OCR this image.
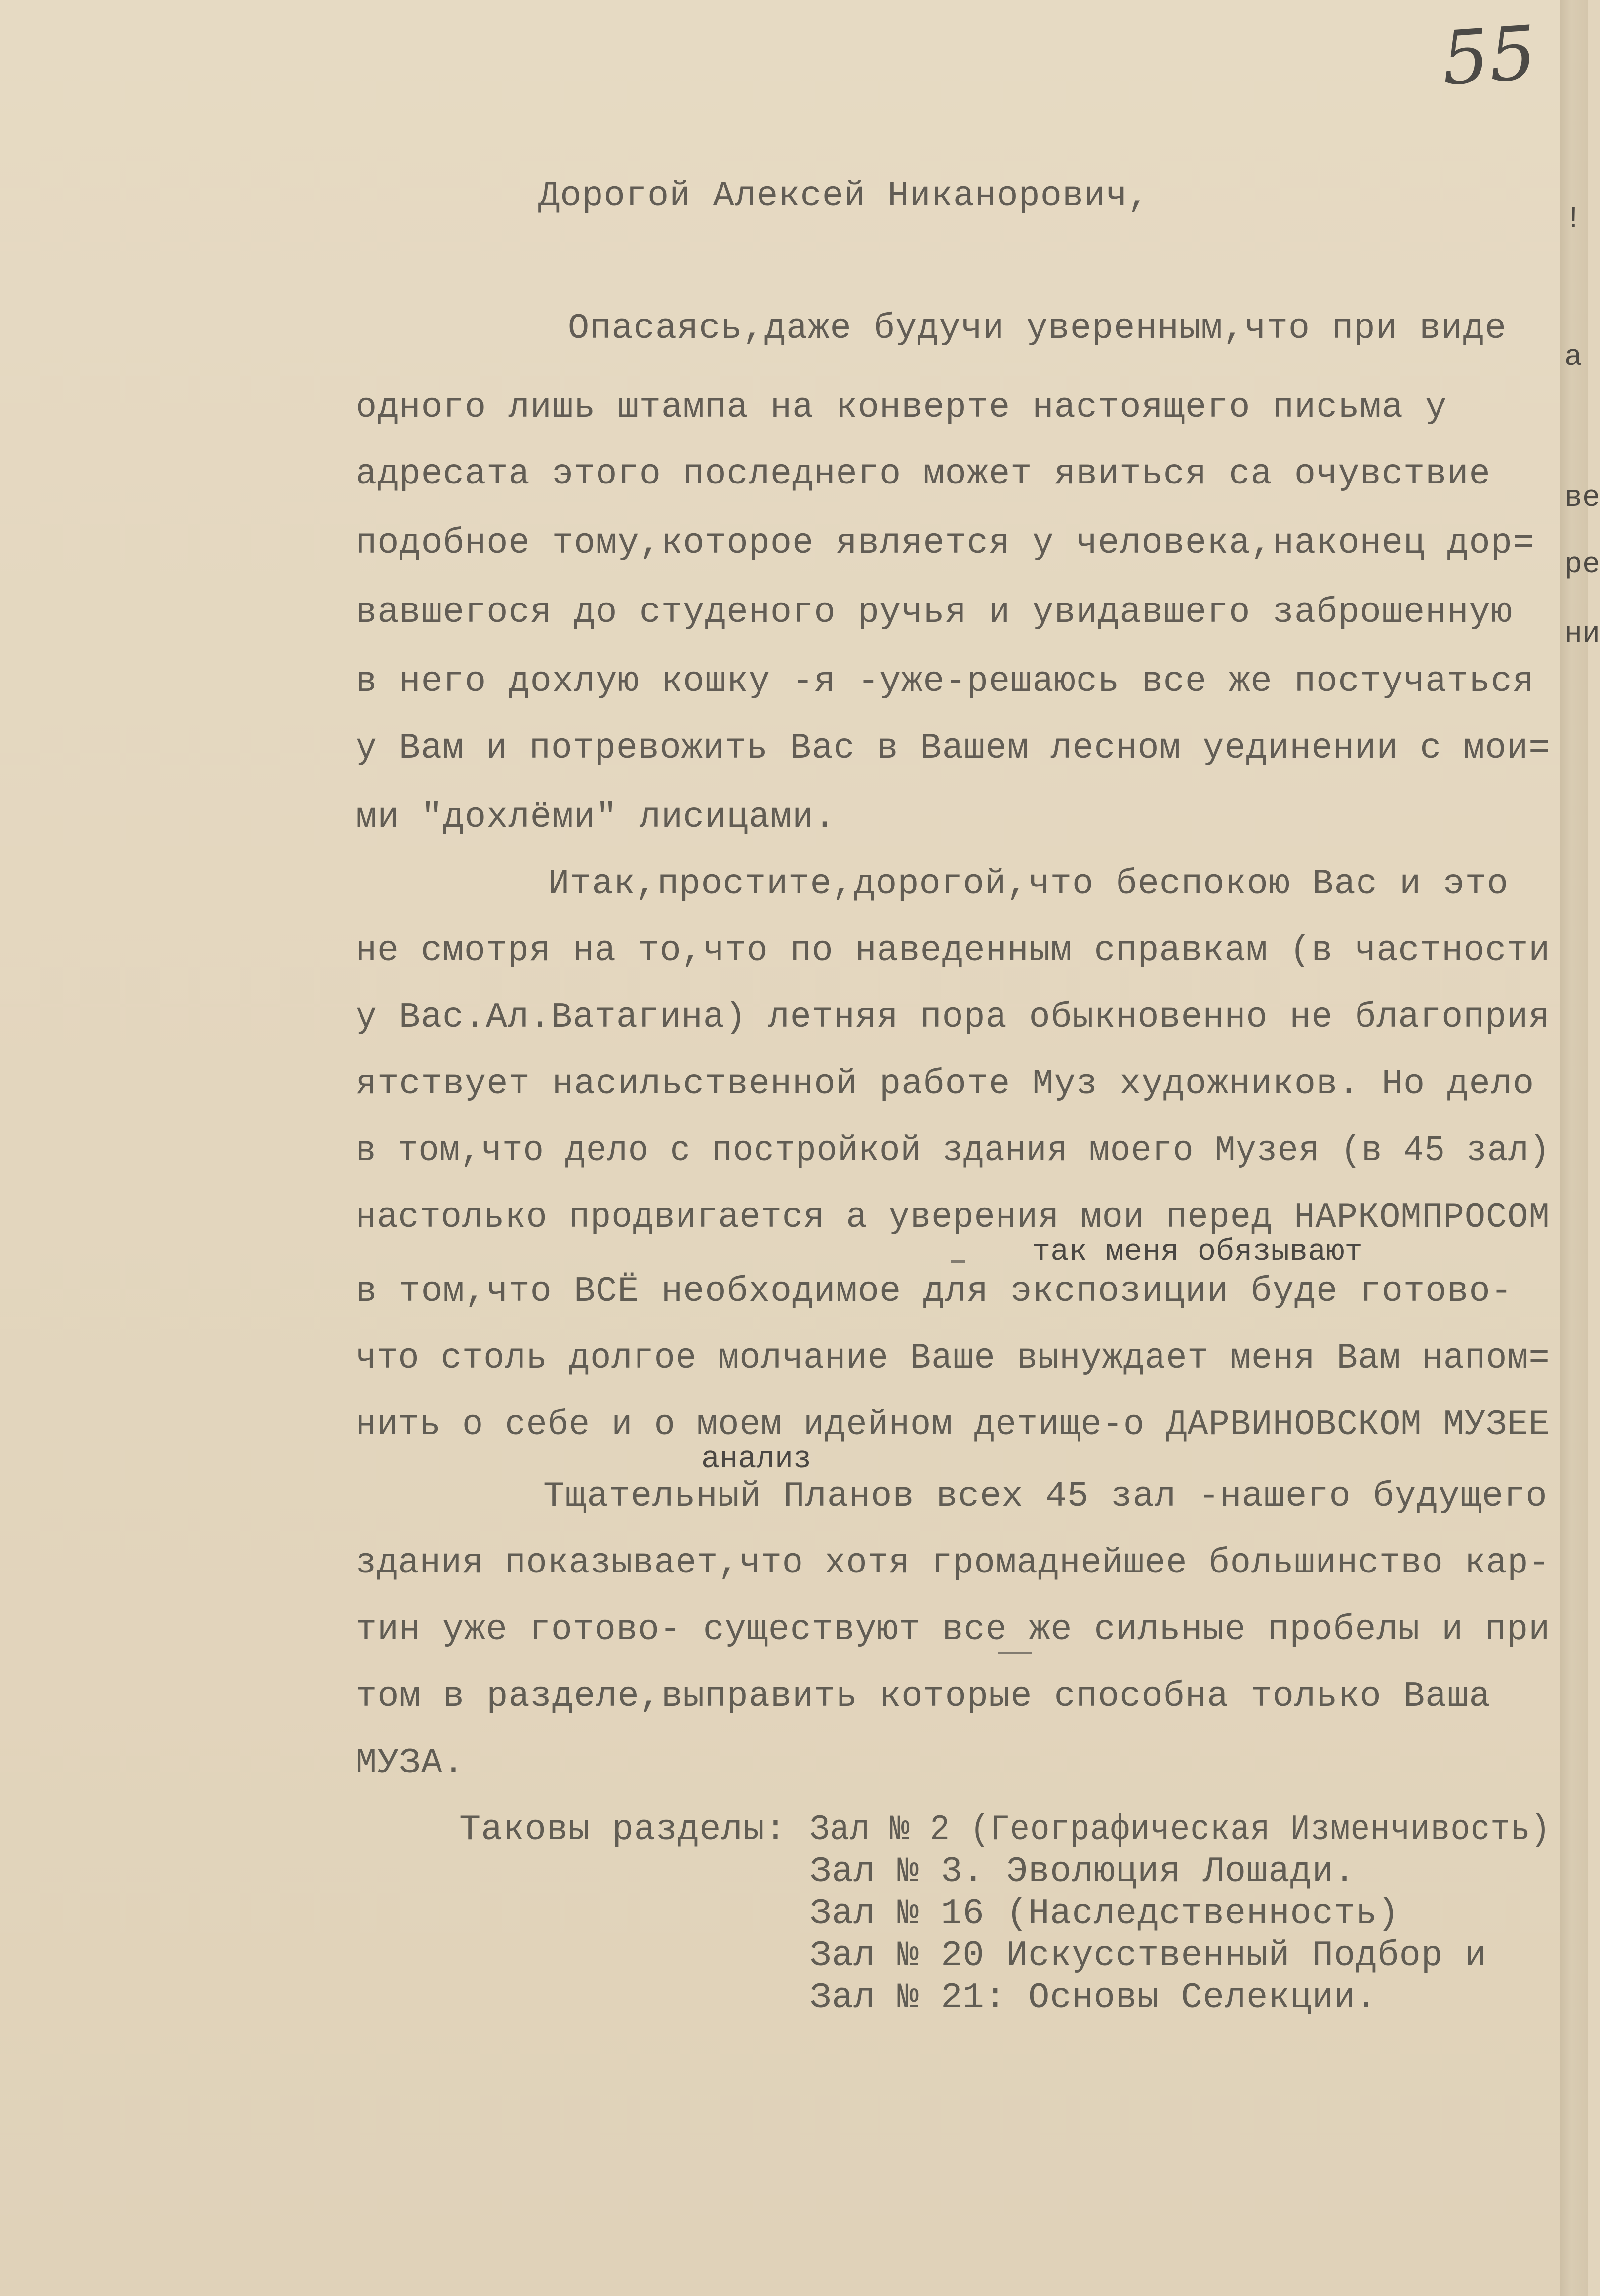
55
Дорогой Алексей Никанорович,
Опасаясь,даже будучи уверенным,что при виде
одного лишь штампа на конверте настоящего письма у
адресата этого последнего может явиться са очувствие
подобное тому,которое является у человека,наконец дор=
вавшегося до студеного ручья и увидавшего заброшенную
в него дохлую кошку -я -уже-решаюсь все же постучаться
у Вам и потревожить Вас в Вашем лесном уединении с мои=
ми "дохлёми" лисицами.
Итак,простите,дорогой,что беспокою Вас и это
не смотря на то,что по наведенным справкам (в частности
у Вас.Ал.Ватагина) летняя пора обыкновенно не благоприя
ятствует насильственной работе Муз художников. Но дело
в том,что дело с постройкой здания моего Музея (в 45 зал)
настолько продвигается а уверения мои перед НАРКОМПРОСОМ
так меня обязывают
в том,что ВСЁ необходимое для экспозиции буде готово-
что столь долгое молчание Ваше вынуждает меня Вам напом=
нить о себе и о моем идейном детище-о ДАРВИНОВСКОМ МУЗЕЕ
анализ
Тщательный Планов всех 45 зал -нашего будущего
здания показывает,что хотя громаднейшее большинство кар-
тин уже готово- существуют все же сильные пробелы и при
том в разделе,выправить которые способна только Ваша
МУЗА.
Таковы разделы: Зал № 2 (Географическая Изменчивость)
Зал № 3. Эволюция Лошади.
Зал № 16 (Наследственность)
Зал № 20 Искусственный Подбор и
Зал № 21: Основы Селекции.
!
а
ве
ре
ни
